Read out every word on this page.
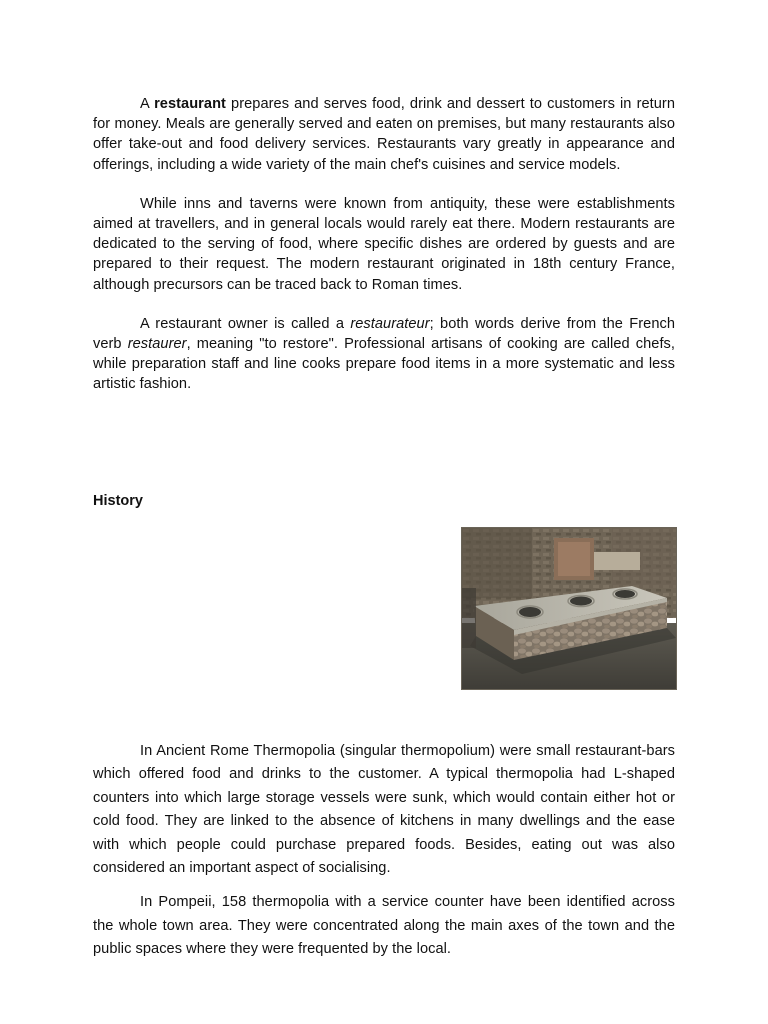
A restaurant prepares and serves food, drink and dessert to customers in return for money. Meals are generally served and eaten on premises, but many restaurants also offer take-out and food delivery services. Restaurants vary greatly in appearance and offerings, including a wide variety of the main chef's cuisines and service models.

While inns and taverns were known from antiquity, these were establishments aimed at travellers, and in general locals would rarely eat there. Modern restaurants are dedicated to the serving of food, where specific dishes are ordered by guests and are prepared to their request. The modern restaurant originated in 18th century France, although precursors can be traced back to Roman times.

A restaurant owner is called a restaurateur; both words derive from the French verb restaurer, meaning "to restore". Professional artisans of cooking are called chefs, while preparation staff and line cooks prepare food items in a more systematic and less artistic fashion.

History

In Ancient Rome Thermopolia (singular thermopolium) were small restaurant-bars which offered food and drinks to the customer. A typical thermopolia had L-shaped counters into which large storage vessels were sunk, which would contain either hot or cold food. They are linked to the absence of kitchens in many dwellings and the ease with which people could purchase prepared foods. Besides, eating out was also considered an important aspect of socialising.

In Pompeii, 158 thermopolia with a service counter have been identified across the whole town area. They were concentrated along the main axes of the town and the public spaces where they were frequented by the local.
